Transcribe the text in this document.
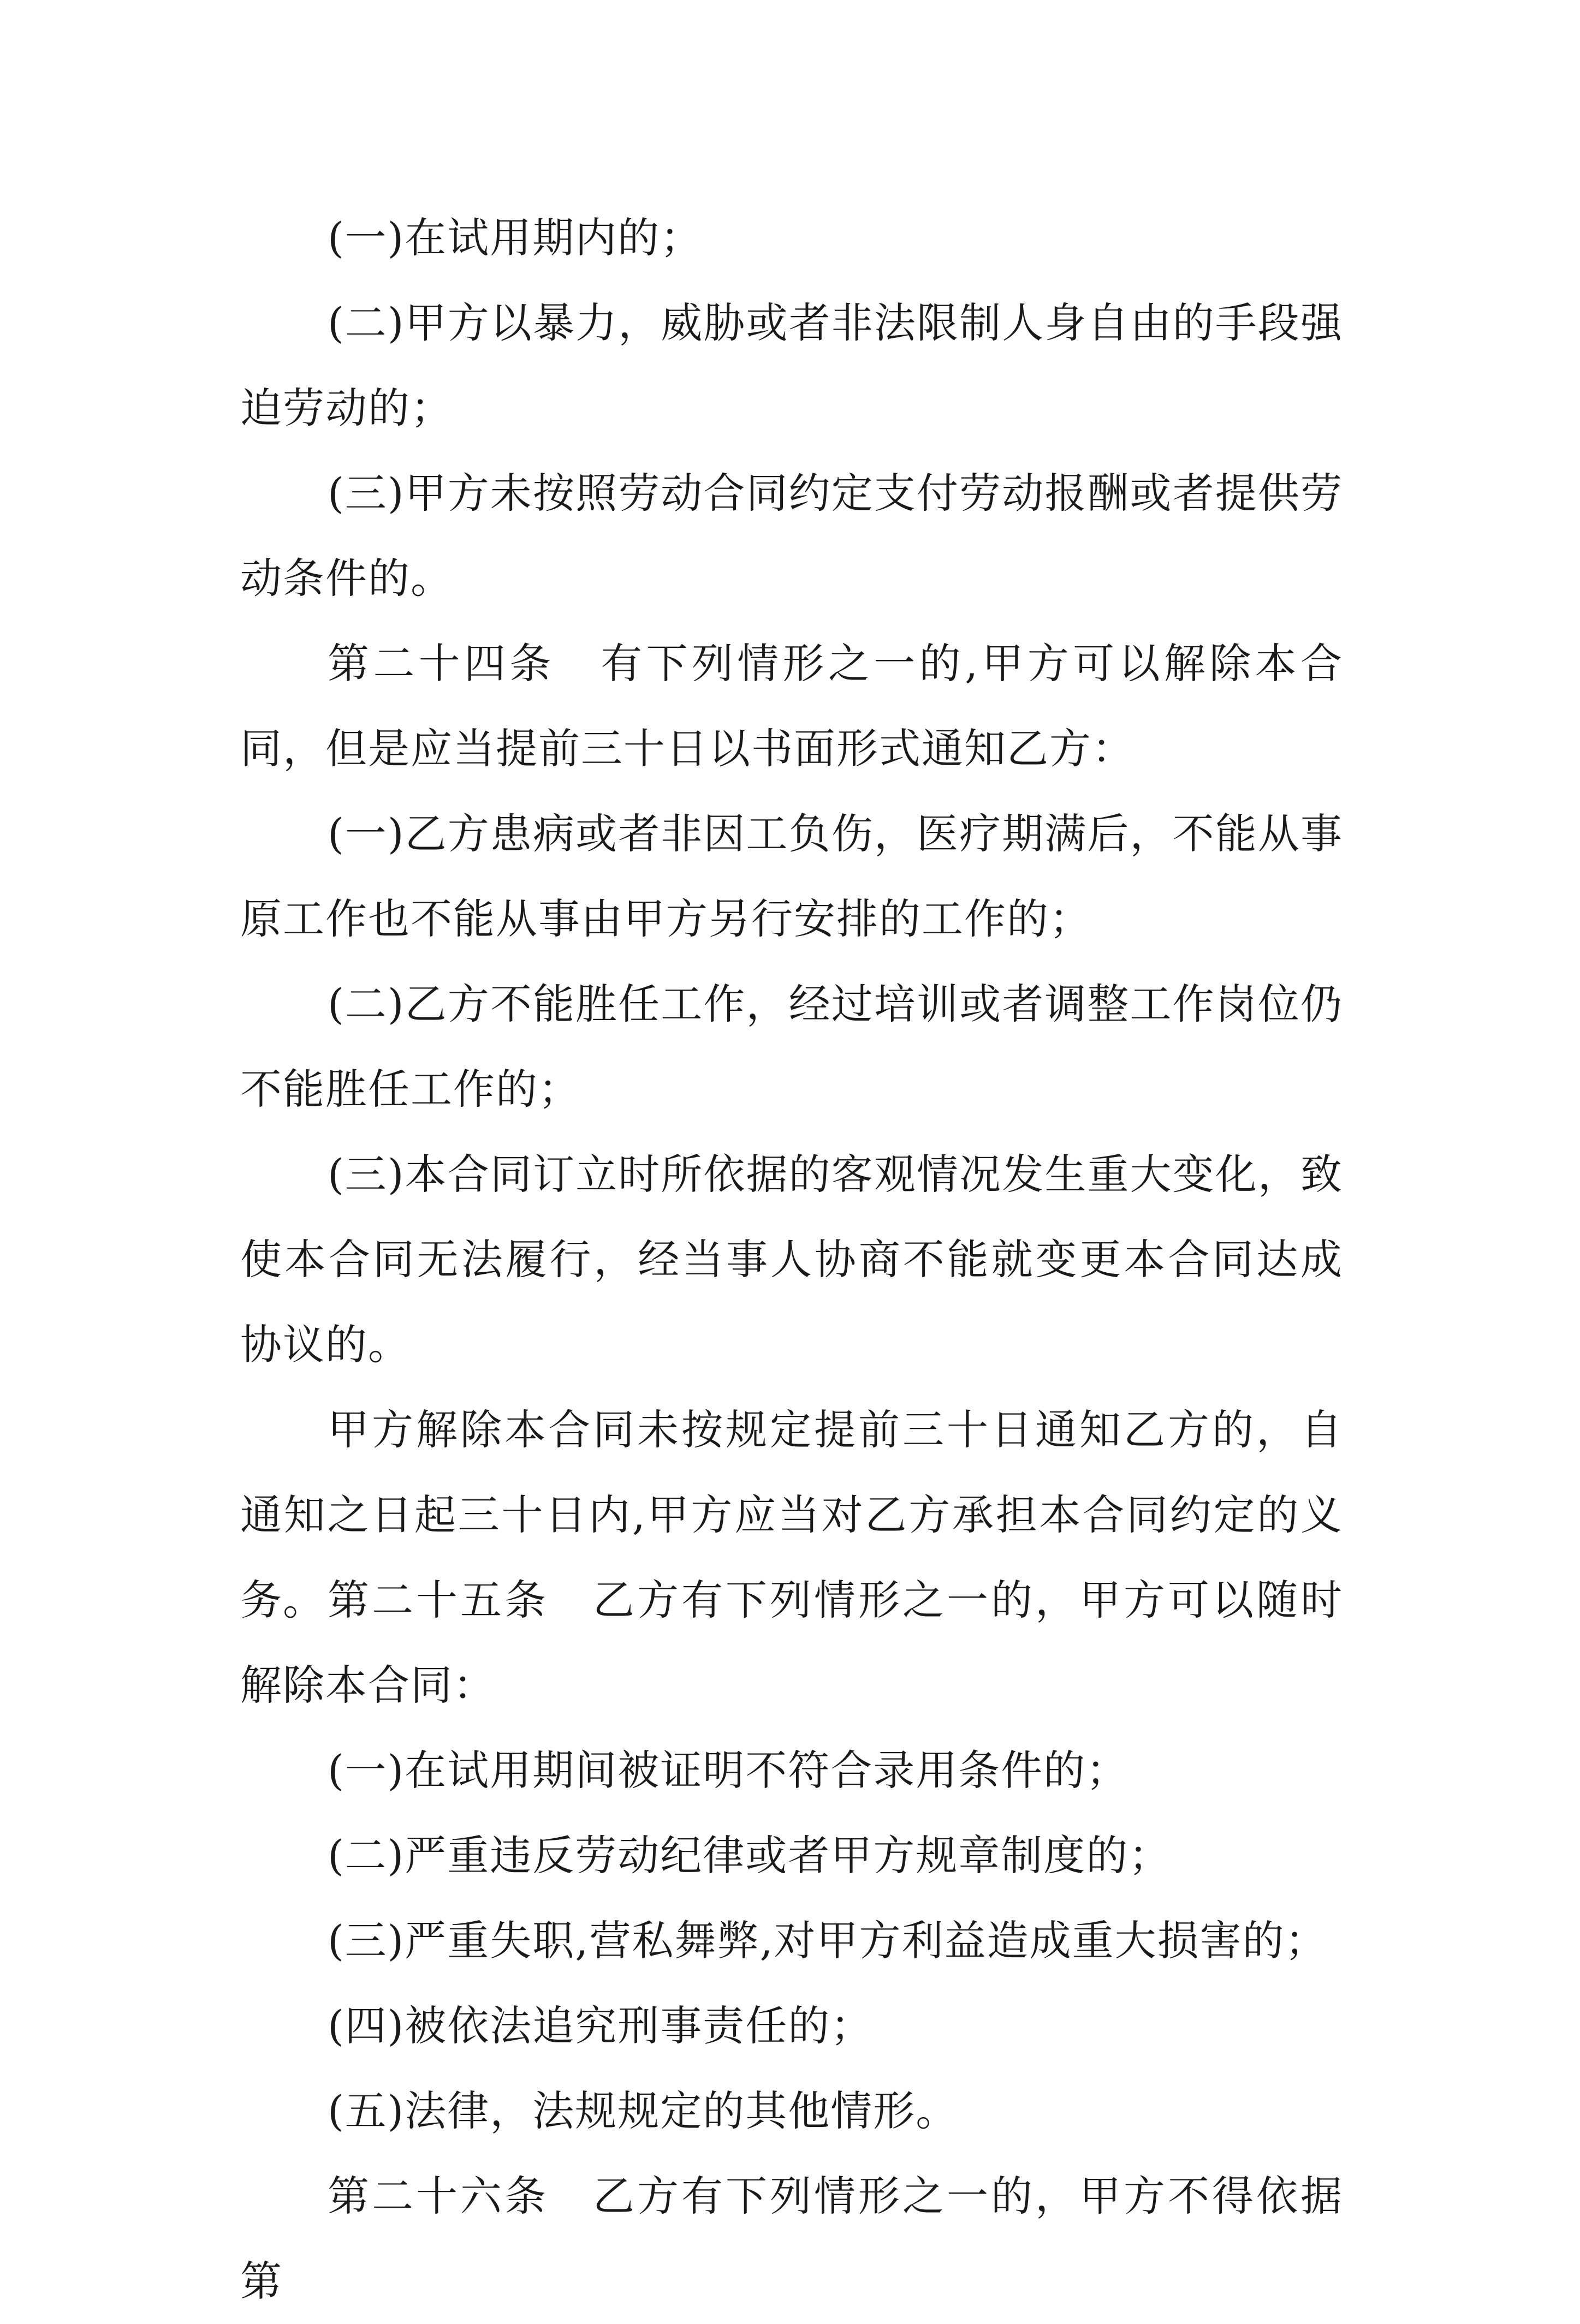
(一)在试用期内的；

(二)甲方以暴力，威胁或者非法限制人身自由的手段强迫劳动的；

(三)甲方未按照劳动合同约定支付劳动报酬或者提供劳动条件的。

第二十四条　有下列情形之一的,甲方可以解除本合同，但是应当提前三十日以书面形式通知乙方：

(一)乙方患病或者非因工负伤，医疗期满后，不能从事原工作也不能从事由甲方另行安排的工作的；

(二)乙方不能胜任工作，经过培训或者调整工作岗位仍不能胜任工作的；

(三)本合同订立时所依据的客观情况发生重大变化，致使本合同无法履行，经当事人协商不能就变更本合同达成协议的。

甲方解除本合同未按规定提前三十日通知乙方的，自通知之日起三十日内,甲方应当对乙方承担本合同约定的义务。 第二十五条　乙方有下列情形之一的，甲方可以随时解除本合同：

(一)在试用期间被证明不符合录用条件的；

(二)严重违反劳动纪律或者甲方规章制度的；

(三)严重失职,营私舞弊,对甲方利益造成重大损害的；

(四)被依法追究刑事责任的；

(五)法律，法规规定的其他情形。

第二十六条　乙方有下列情形之一的，甲方不得依据第
